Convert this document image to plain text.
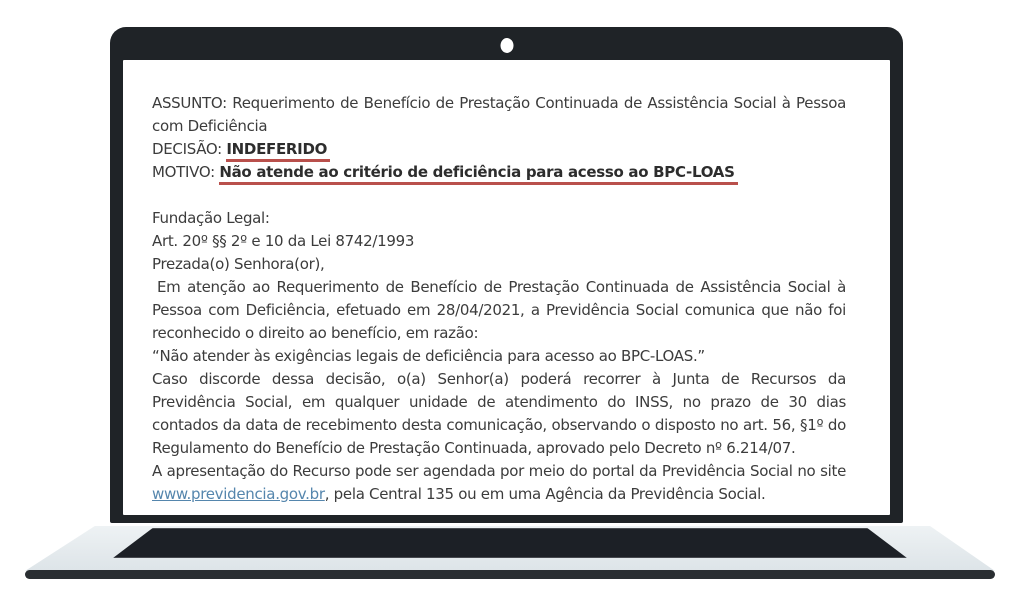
ASSUNTO: Requerimento de Benefício de Prestação Continuada de Assistência Social à Pessoa com Deficiência

DECISÃO: INDEFERIDO

MOTIVO: Não atende ao critério de deficiência para acesso ao BPC-LOAS

Fundação Legal:

Art. 20º §§ 2º e 10 da Lei 8742/1993

Prezada(o) Senhora(or),

Em atenção ao Requerimento de Benefício de Prestação Continuada de Assistência Social à Pessoa com Deficiência, efetuado em 28/04/2021, a Previdência Social comunica que não foi reconhecido o direito ao benefício, em razão:

“Não atender às exigências legais de deficiência para acesso ao BPC-LOAS.”

Caso discorde dessa decisão, o(a) Senhor(a) poderá recorrer à Junta de Recursos da Previdência Social, em qualquer unidade de atendimento do INSS, no prazo de 30 dias contados da data de recebimento desta comunicação, observando o disposto no art. 56, §1º do Regulamento do Benefício de Prestação Continuada, aprovado pelo Decreto nº 6.214/07.

A apresentação do Recurso pode ser agendada por meio do portal da Previdência Social no site www.previdencia.gov.br, pela Central 135 ou em uma Agência da Previdência Social.
